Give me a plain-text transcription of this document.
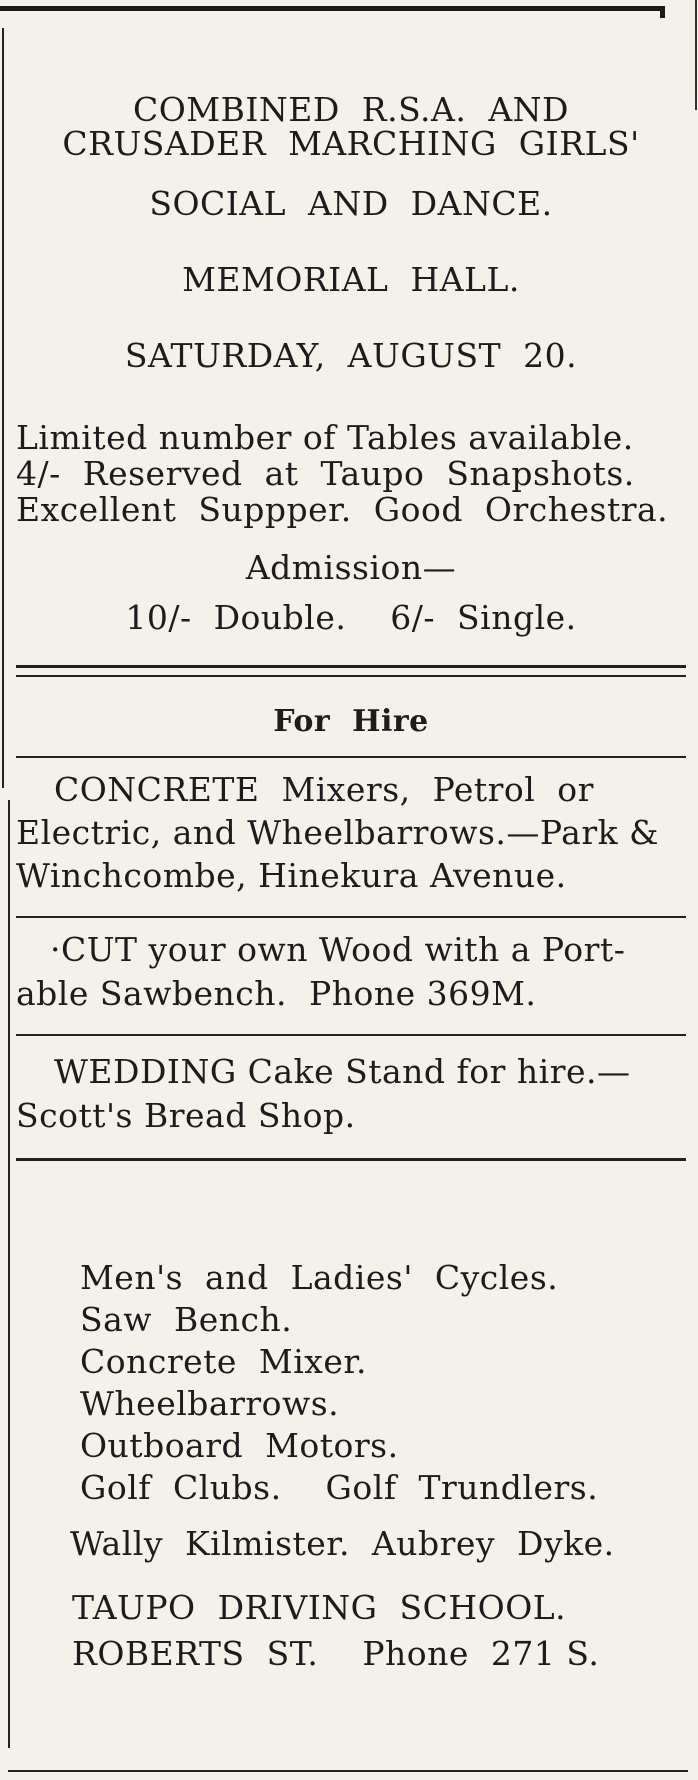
COMBINED  R.S.A.  AND
CRUSADER  MARCHING  GIRLS'
SOCIAL  AND  DANCE.
MEMORIAL  HALL.
SATURDAY,  AUGUST  20.
Limited number of Tables available.
4/-  Reserved  at  Taupo  Snapshots.
Excellent  Suppper.  Good  Orchestra.
Admission—
10/-  Double.    6/-  Single.
For  Hire
CONCRETE  Mixers,  Petrol  or
Electric, and Wheelbarrows.—Park &
Winchcombe, Hinekura Avenue.
·CUT your own Wood with a Port-
able Sawbench.  Phone 369M.
WEDDING Cake Stand for hire.—
Scott's Bread Shop.
Men's  and  Ladies'  Cycles.
Saw  Bench.
Concrete  Mixer.
Wheelbarrows.
Outboard  Motors.
Golf  Clubs.    Golf  Trundlers.
Wally  Kilmister.  Aubrey  Dyke.
TAUPO  DRIVING  SCHOOL.
ROBERTS  ST.    Phone  271 S.
